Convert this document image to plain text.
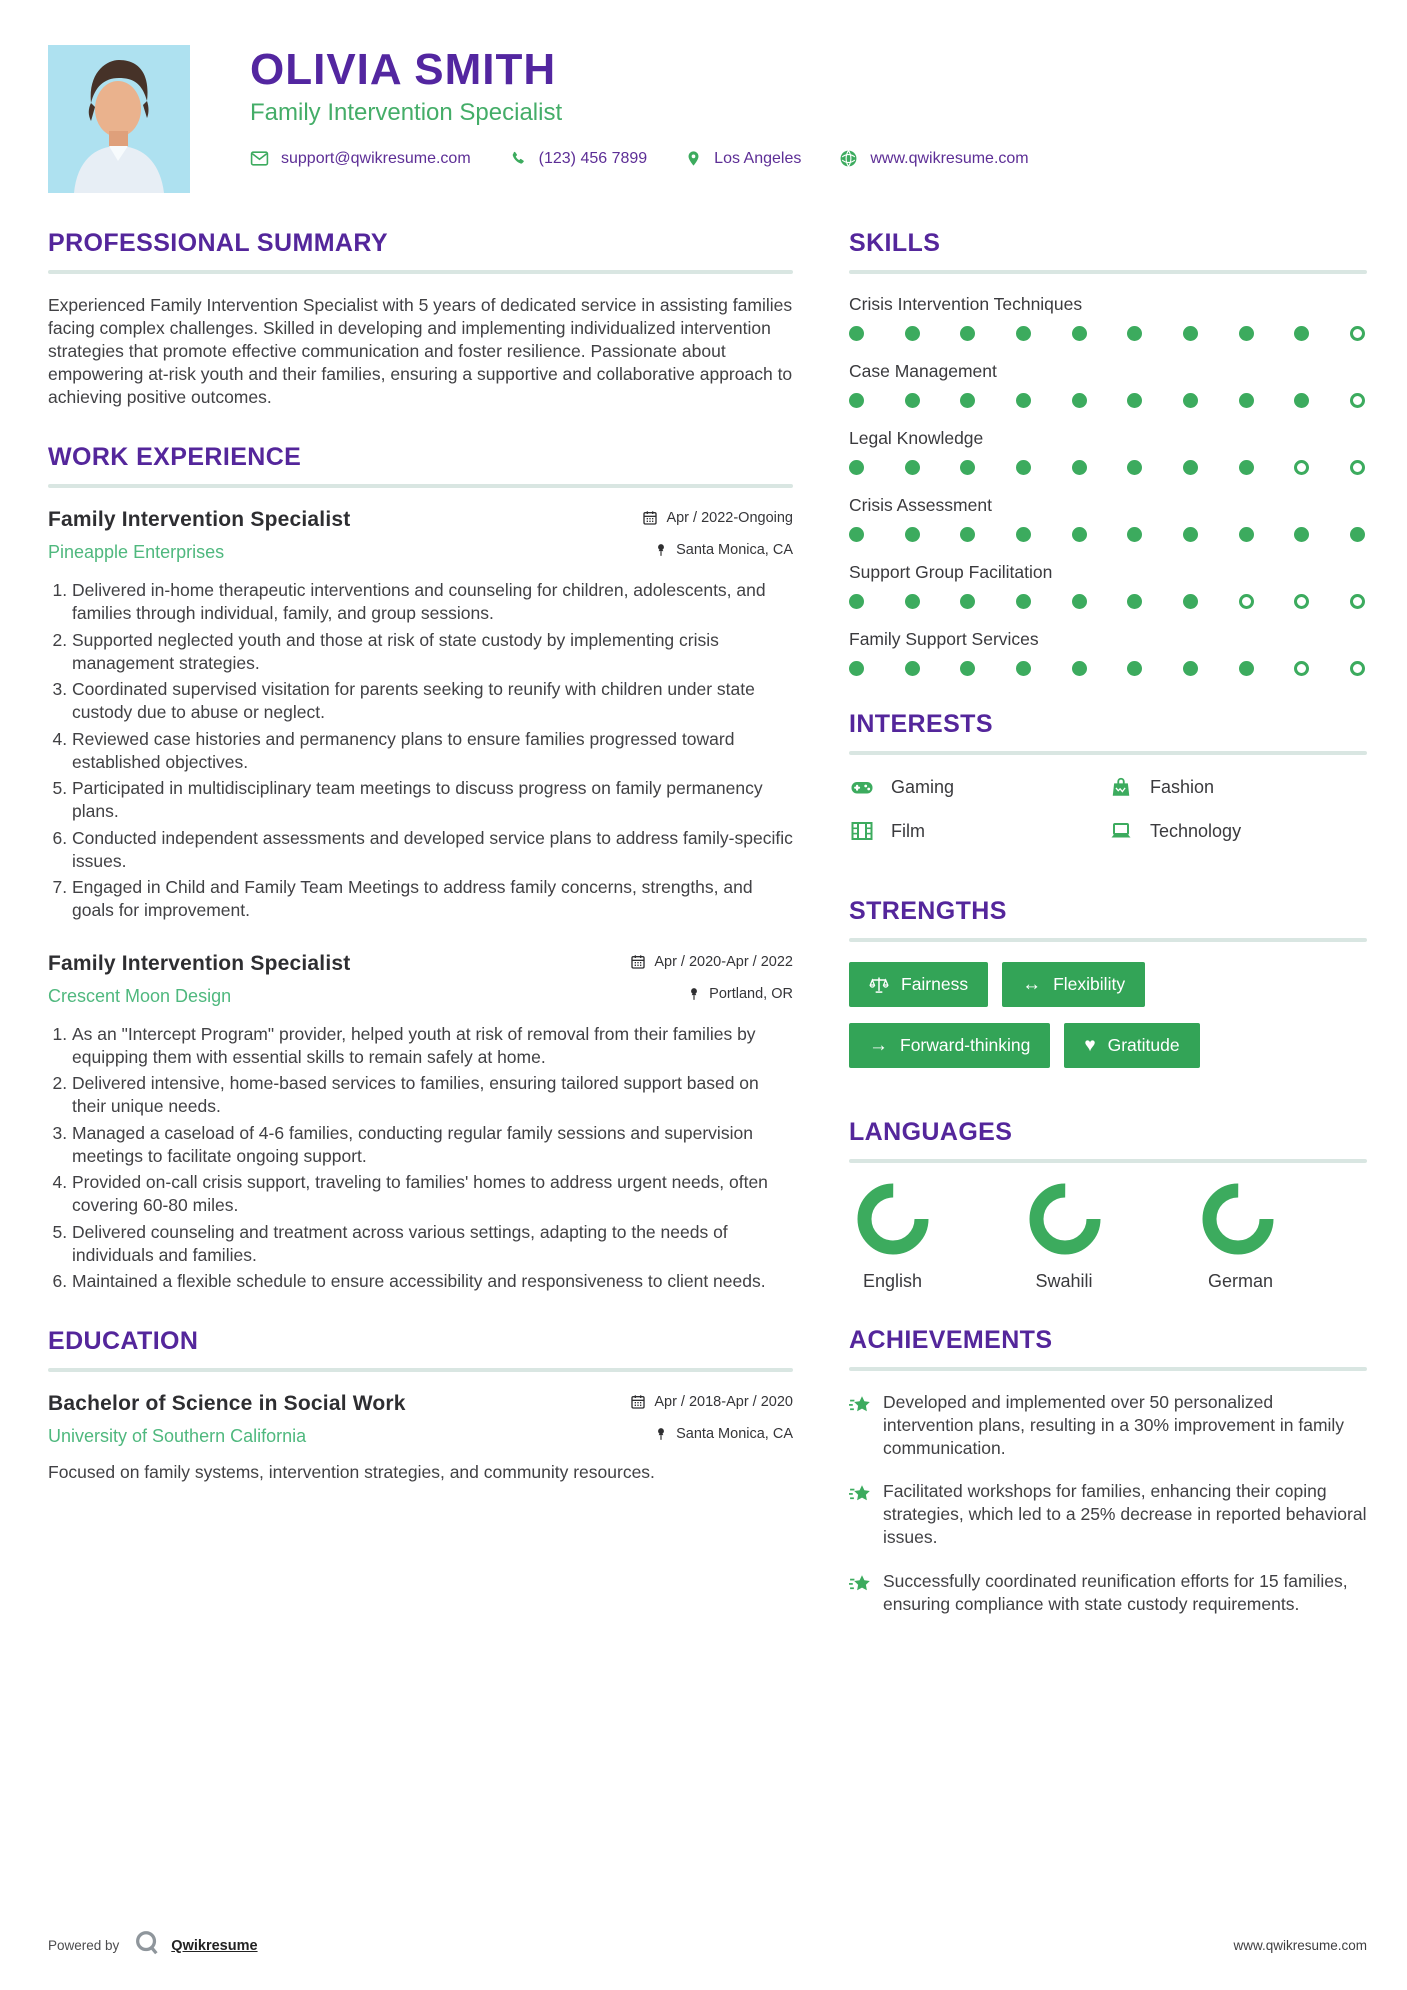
OLIVIA SMITH
Family Intervention Specialist
support@qwikresume.com	(123) 456 7899	Los Angeles	www.qwikresume.com
PROFESSIONAL SUMMARY

Experienced Family Intervention Specialist with 5 years of dedicated service in assisting families facing complex challenges. Skilled in developing and implementing individualized intervention strategies that promote effective communication and foster resilience. Passionate about empowering at-risk youth and their families, ensuring a supportive and collaborative approach to achieving positive outcomes.

WORK EXPERIENCE
Family Intervention Specialist	Apr / 2022-Ongoing
Pineapple Enterprises	Santa Monica, CA
1. Delivered in-home therapeutic interventions and counseling for children, adolescents, and families through individual, family, and group sessions.
2. Supported neglected youth and those at risk of state custody by implementing crisis management strategies.
3. Coordinated supervised visitation for parents seeking to reunify with children under state custody due to abuse or neglect.
4. Reviewed case histories and permanency plans to ensure families progressed toward established objectives.
5. Participated in multidisciplinary team meetings to discuss progress on family permanency plans.
6. Conducted independent assessments and developed service plans to address family-specific issues.
7. Engaged in Child and Family Team Meetings to address family concerns, strengths, and goals for improvement.
Family Intervention Specialist	Apr / 2020-Apr / 2022
Crescent Moon Design	Portland, OR
1. As an "Intercept Program" provider, helped youth at risk of removal from their families by equipping them with essential skills to remain safely at home.
2. Delivered intensive, home-based services to families, ensuring tailored support based on their unique needs.
3. Managed a caseload of 4-6 families, conducting regular family sessions and supervision meetings to facilitate ongoing support.
4. Provided on-call crisis support, traveling to families' homes to address urgent needs, often covering 60-80 miles.
5. Delivered counseling and treatment across various settings, adapting to the needs of individuals and families.
6. Maintained a flexible schedule to ensure accessibility and responsiveness to client needs.
EDUCATION
Bachelor of Science in Social Work	Apr / 2018-Apr / 2020
University of Southern California	Santa Monica, CA

Focused on family systems, intervention strategies, and community resources.

SKILLS
Crisis Intervention Techniques
Case Management
Legal Knowledge
Crisis Assessment
Support Group Facilitation
Family Support Services
INTERESTS
Gaming	Fashion
Film	Technology
STRENGTHS
Fairness	↔ Flexibility
→ Forward-thinking	♥ Gratitude
LANGUAGES
English	Swahili	German
ACHIEVEMENTS

Developed and implemented over 50 personalized intervention plans, resulting in a 30% improvement in family communication.

Facilitated workshops for families, enhancing their coping strategies, which led to a 25% decrease in reported behavioral issues.

Successfully coordinated reunification efforts for 15 families, ensuring compliance with state custody requirements.

Powered by	Qwikresume	www.qwikresume.com
